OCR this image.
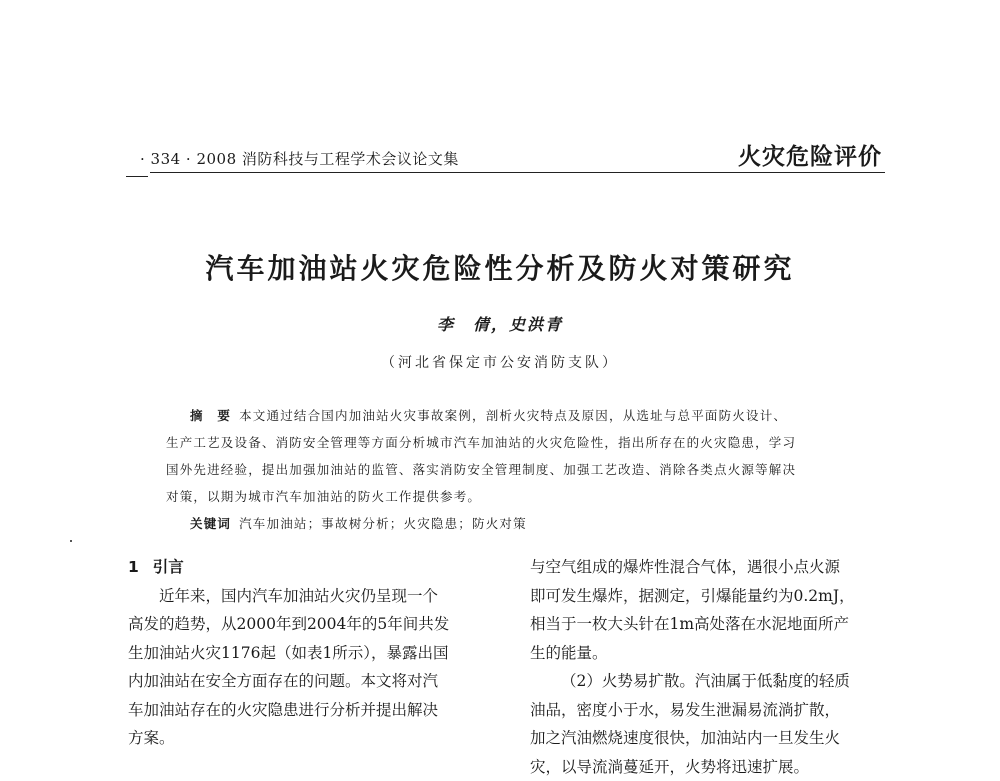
· 334 · 2008 消防科技与工程学术会议论文集	火灾危险评价
汽车加油站火灾危险性分析及防火对策研究
李　倩，史洪青
（河北省保定市公安消防支队）
摘　要 本文通过结合国内加油站火灾事故案例，剖析火灾特点及原因，从选址与总平面防火设计、
生产工艺及设备、消防安全管理等方面分析城市汽车加油站的火灾危险性，指出所存在的火灾隐患，学习
国外先进经验，提出加强加油站的监管、落实消防安全管理制度、加强工艺改造、消除各类点火源等解决
对策，以期为城市汽车加油站的防火工作提供参考。
关键词 汽车加油站；事故树分析；火灾隐患；防火对策
1 引言
近年来，国内汽车加油站火灾仍呈现一个
高发的趋势，从2000年到2004年的5年间共发
生加油站火灾1176起（如表1所示），暴露出国
内加油站在安全方面存在的问题。本文将对汽
车加油站存在的火灾隐患进行分析并提出解决
方案。
与空气组成的爆炸性混合气体，遇很小点火源
即可发生爆炸，据测定，引爆能量约为0.2mJ，
相当于一枚大头针在1m高处落在水泥地面所产
生的能量。
（2）火势易扩散。汽油属于低黏度的轻质
油品，密度小于水，易发生泄漏易流淌扩散，
加之汽油燃烧速度很快，加油站内一旦发生火
灾，以导流淌蔓延开，火势将迅速扩展。
